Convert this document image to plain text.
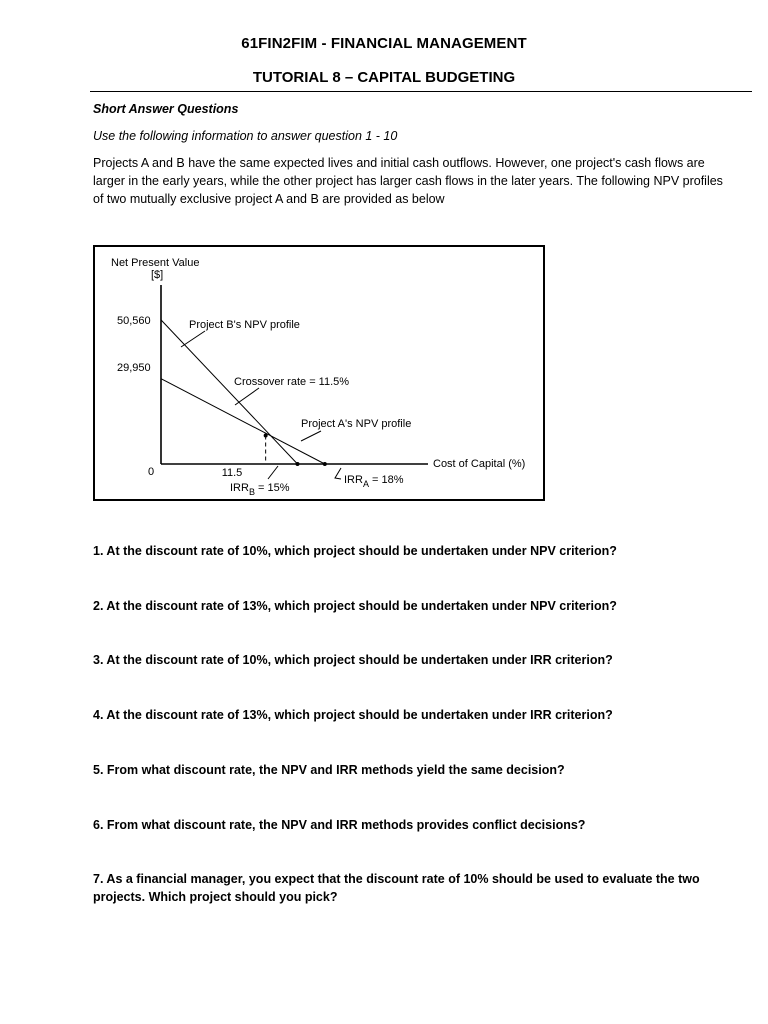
61FIN2FIM - FINANCIAL MANAGEMENT
TUTORIAL 8 – CAPITAL BUDGETING
Short Answer Questions
Use the following information to answer question 1 - 10
Projects A and B have the same expected lives and initial cash outflows. However, one project's cash flows are larger in the early years, while the other project has larger cash flows in the later years. The following NPV profiles of two mutually exclusive project A and B are provided as below
Net Present Value
[$]
0
50,560
29,950
11.5
Project B's NPV profile
Crossover rate = 11.5%
Project A's NPV profile
Cost of Capital (%)
$IRR_B = 15\%$
$IRR_A = 18\%$
1. At the discount rate of 10%, which project should be undertaken under NPV criterion?
2. At the discount rate of 13%, which project should be undertaken under NPV criterion?
3. At the discount rate of 10%, which project should be undertaken under IRR criterion?
4. At the discount rate of 13%, which project should be undertaken under IRR criterion?
5. From what discount rate, the NPV and IRR methods yield the same decision?
6. From what discount rate, the NPV and IRR methods provides conflict decisions?
7. As a financial manager, you expect that the discount rate of 10% should be used to evaluate the two projects. Which project should you pick?
